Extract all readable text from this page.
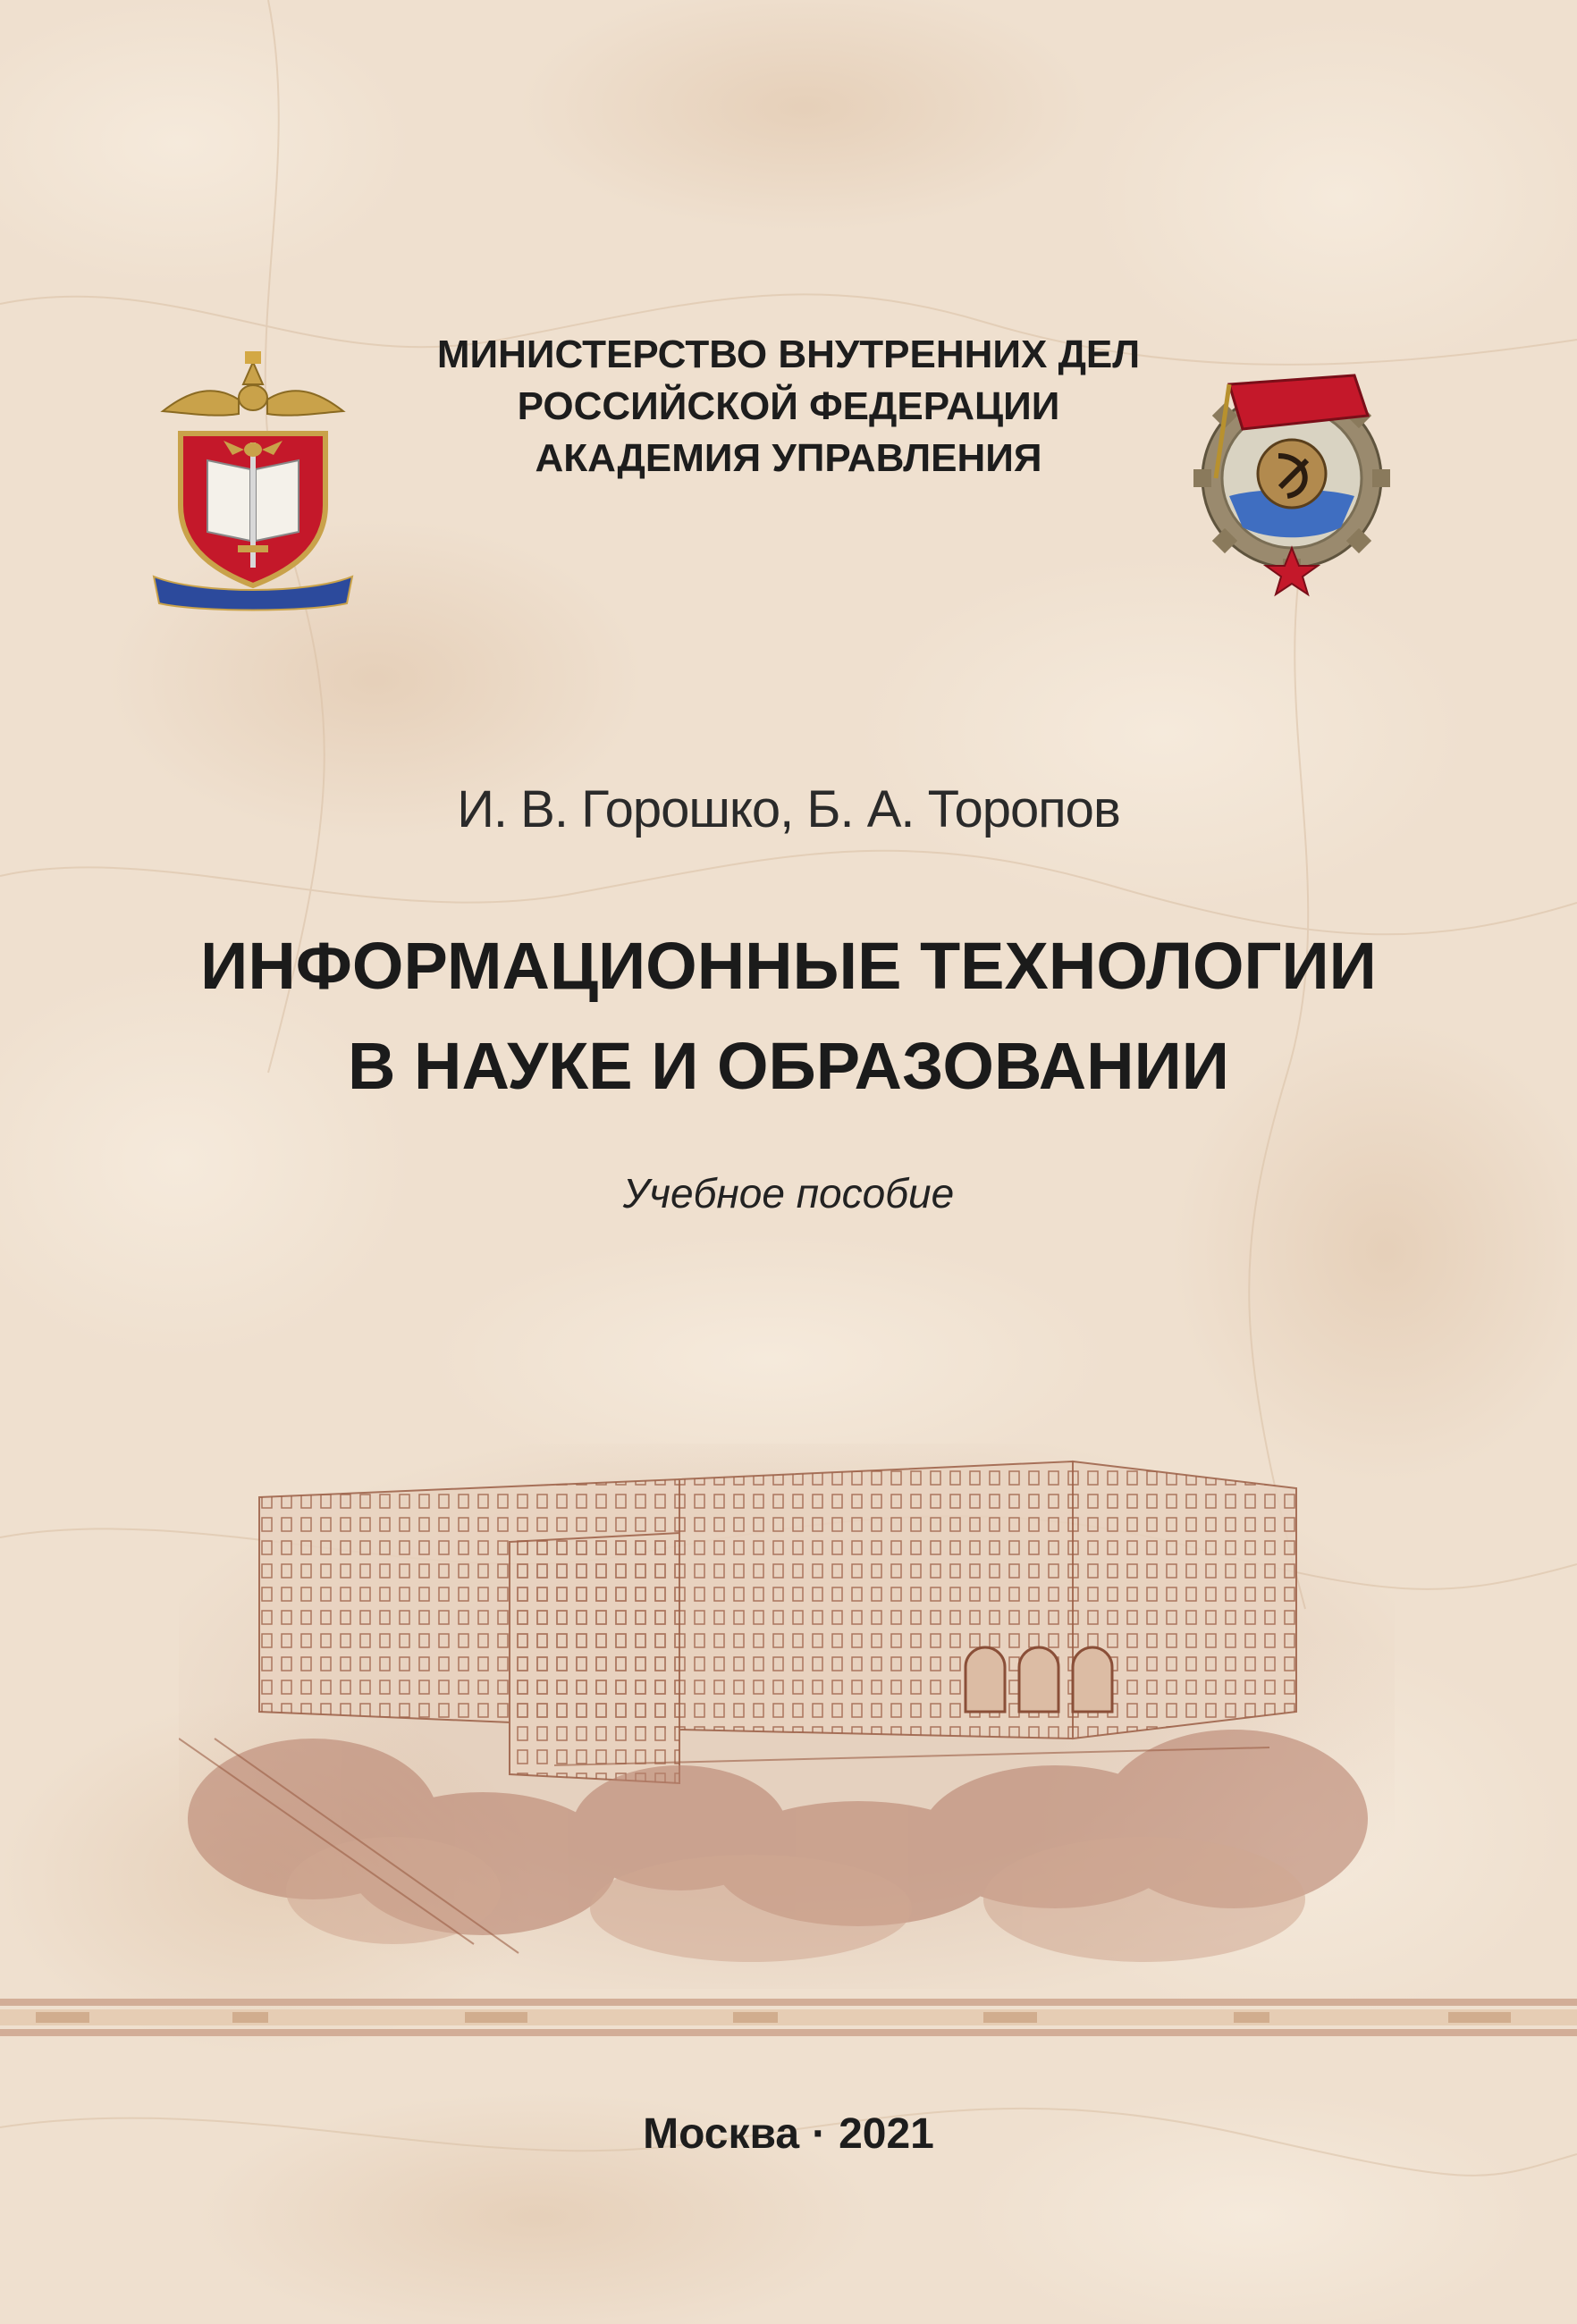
МИНИСТЕРСТВО ВНУТРЕННИХ ДЕЛ
РОССИЙСКОЙ ФЕДЕРАЦИИ
АКАДЕМИЯ УПРАВЛЕНИЯ
И. В. Горошко, Б. А. Торопов
ИНФОРМАЦИОННЫЕ ТЕХНОЛОГИИ
В НАУКЕ И ОБРАЗОВАНИИ
Учебное пособие
Москва · 2021
